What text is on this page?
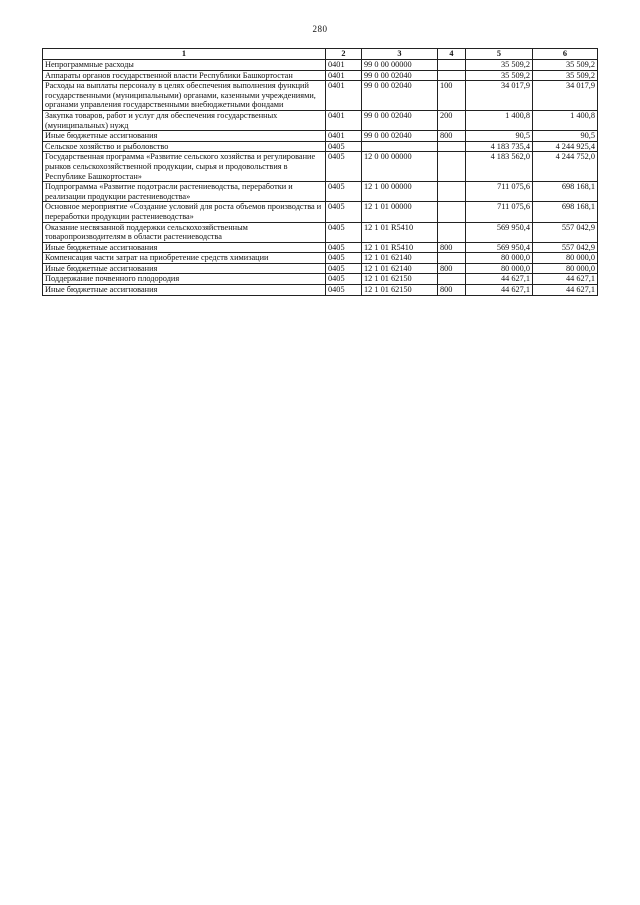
280
1	2	3	4	5	6
Непрограммные расходы	0401	99 0 00 00000		35 509,2	35 509,2
Аппараты органов государственной власти Республики Башкортостан	0401	99 0 00 02040		35 509,2	35 509,2
Расходы на выплаты персоналу в целях обеспечения выполнения функций государственными (муниципальными) органами, казенными учреждениями, органами управления государственными внебюджетными фондами	0401	99 0 00 02040	100	34 017,9	34 017,9
Закупка товаров, работ и услуг для обеспечения государственных (муниципальных) нужд	0401	99 0 00 02040	200	1 400,8	1 400,8
Иные бюджетные ассигнования	0401	99 0 00 02040	800	90,5	90,5
Сельское хозяйство и рыболовство	0405			4 183 735,4	4 244 925,4
Государственная программа «Развитие сельского хозяйства и регулирование рынков сельскохозяйственной продукции, сырья и продовольствия в Республике Башкортостан»	0405	12 0 00 00000		4 183 562,0	4 244 752,0
Подпрограмма «Развитие подотрасли растениеводства, переработки и реализации продукции растениеводства»	0405	12 1 00 00000		711 075,6	698 168,1
Основное мероприятие «Создание условий для роста объемов производства и переработки продукции растениеводства»	0405	12 1 01 00000		711 075,6	698 168,1
Оказание несвязанной поддержки сельскохозяйственным товаропроизводителям в области растениеводства	0405	12 1 01 R5410		569 950,4	557 042,9
Иные бюджетные ассигнования	0405	12 1 01 R5410	800	569 950,4	557 042,9
Компенсация части затрат на приобретение средств химизации	0405	12 1 01 62140		80 000,0	80 000,0
Иные бюджетные ассигнования	0405	12 1 01 62140	800	80 000,0	80 000,0
Поддержание почвенного плодородия	0405	12 1 01 62150		44 627,1	44 627,1
Иные бюджетные ассигнования	0405	12 1 01 62150	800	44 627,1	44 627,1
